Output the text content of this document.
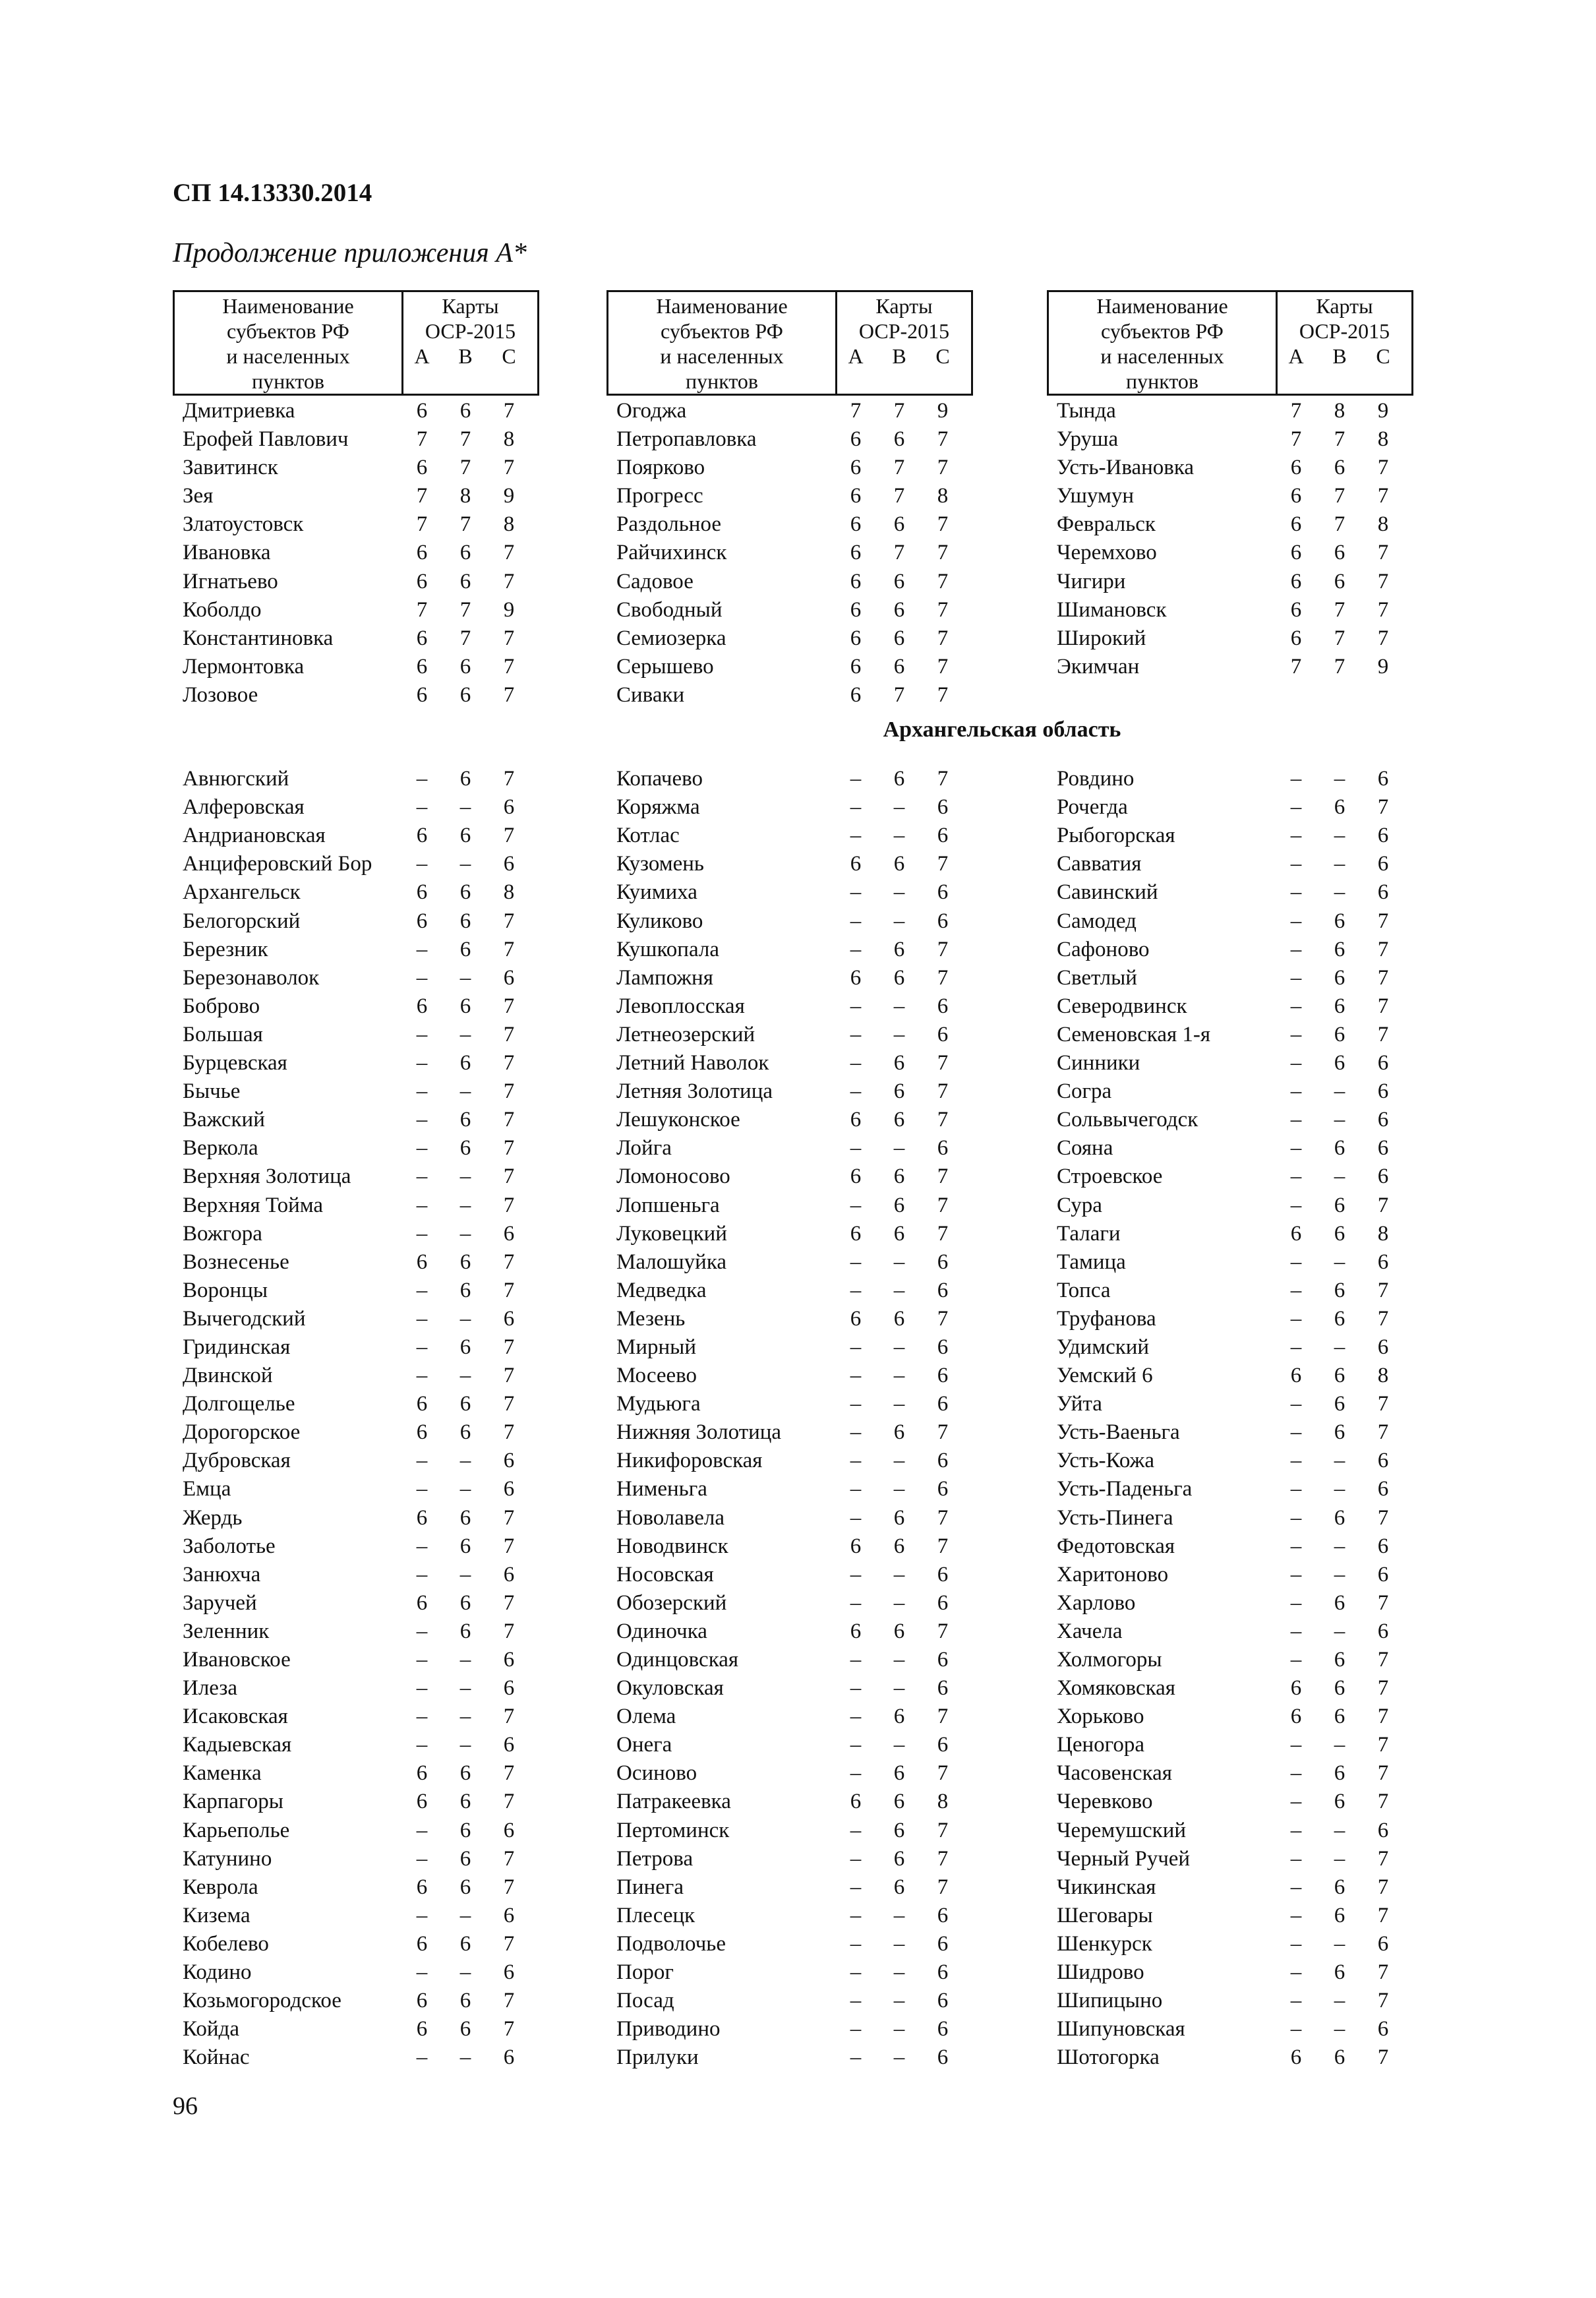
СП 14.13330.2014
Продолжение приложения А*
Наименование
субъектов РФ
и населенных
пунктов
Карты
ОСР-2015
A B C
Дмитриевка	6	6	7
Ерофей Павлович	7	7	8
Завитинск	6	7	7
Зея	7	8	9
Златоустовск	7	7	8
Ивановка	6	6	7
Игнатьево	6	6	7
Коболдо	7	7	9
Константиновка	6	7	7
Лермонтовка	6	6	7
Лозовое	6	6	7
Авнюгский	–	6	7
Алферовская	–	–	6
Андриановская	6	6	7
Анциферовский Бор	–	–	6
Архангельск	6	6	8
Белогорский	6	6	7
Березник	–	6	7
Березонаволок	–	–	6
Боброво	6	6	7
Большая	–	–	7
Бурцевская	–	6	7
Бычье	–	–	7
Важский	–	6	7
Веркола	–	6	7
Верхняя Золотица	–	–	7
Верхняя Тойма	–	–	7
Вожгора	–	–	6
Вознесенье	6	6	7
Воронцы	–	6	7
Вычегодский	–	–	6
Гридинская	–	6	7
Двинской	–	–	7
Долгощелье	6	6	7
Дорогорское	6	6	7
Дубровская	–	–	6
Емца	–	–	6
Жердь	6	6	7
Заболотье	–	6	7
Занюхча	–	–	6
Заручей	6	6	7
Зеленник	–	6	7
Ивановское	–	–	6
Илеза	–	–	6
Исаковская	–	–	7
Кадыевская	–	–	6
Каменка	6	6	7
Карпагоры	6	6	7
Карьеполье	–	6	6
Катунино	–	6	7
Кеврола	6	6	7
Кизема	–	–	6
Кобелево	6	6	7
Кодино	–	–	6
Козьмогородское	6	6	7
Койда	6	6	7
Койнас	–	–	6
Наименование
субъектов РФ
и населенных
пунктов
Карты
ОСР-2015
A B C
Огоджа	7	7	9
Петропавловка	6	6	7
Поярково	6	7	7
Прогресс	6	7	8
Раздольное	6	6	7
Райчихинск	6	7	7
Садовое	6	6	7
Свободный	6	6	7
Семиозерка	6	6	7
Серышево	6	6	7
Сиваки	6	7	7
Копачево	–	6	7
Коряжма	–	–	6
Котлас	–	–	6
Кузомень	6	6	7
Куимиха	–	–	6
Куликово	–	–	6
Кушкопала	–	6	7
Лампожня	6	6	7
Левоплосская	–	–	6
Летнеозерский	–	–	6
Летний Наволок	–	6	7
Летняя Золотица	–	6	7
Лешуконское	6	6	7
Лойга	–	–	6
Ломоносово	6	6	7
Лопшеньга	–	6	7
Луковецкий	6	6	7
Малошуйка	–	–	6
Медведка	–	–	6
Мезень	6	6	7
Мирный	–	–	6
Мосеево	–	–	6
Мудьюга	–	–	6
Нижняя Золотица	–	6	7
Никифоровская	–	–	6
Нименьга	–	–	6
Новолавела	–	6	7
Новодвинск	6	6	7
Носовская	–	–	6
Обозерский	–	–	6
Одиночка	6	6	7
Одинцовская	–	–	6
Окуловская	–	–	6
Олема	–	6	7
Онега	–	–	6
Осиново	–	6	7
Патракеевка	6	6	8
Пертоминск	–	6	7
Петрова	–	6	7
Пинега	–	6	7
Плесецк	–	–	6
Подволочье	–	–	6
Порог	–	–	6
Посад	–	–	6
Приводино	–	–	6
Прилуки	–	–	6
Наименование
субъектов РФ
и населенных
пунктов
Карты
ОСР-2015
A B C
Тында	7	8	9
Уруша	7	7	8
Усть-Ивановка	6	6	7
Ушумун	6	7	7
Февральск	6	7	8
Черемхово	6	6	7
Чигири	6	6	7
Шимановск	6	7	7
Широкий	6	7	7
Экимчан	7	7	9
Ровдино	–	–	6
Рочегда	–	6	7
Рыбогорская	–	–	6
Савватия	–	–	6
Савинский	–	–	6
Самодед	–	6	7
Сафоново	–	6	7
Светлый	–	6	7
Северодвинск	–	6	7
Семеновская 1-я	–	6	7
Синники	–	6	6
Согра	–	–	6
Сольвычегодск	–	–	6
Сояна	–	6	6
Строевское	–	–	6
Сура	–	6	7
Талаги	6	6	8
Тамица	–	–	6
Топса	–	6	7
Труфанова	–	6	7
Удимский	–	–	6
Уемский 6	6	6	8
Уйта	–	6	7
Усть-Ваеньга	–	6	7
Усть-Кожа	–	–	6
Усть-Паденьга	–	–	6
Усть-Пинега	–	6	7
Федотовская	–	–	6
Харитоново	–	–	6
Харлово	–	6	7
Хачела	–	–	6
Холмогоры	–	6	7
Хомяковская	6	6	7
Хорьково	6	6	7
Ценогора	–	–	7
Часовенская	–	6	7
Черевково	–	6	7
Черемушский	–	–	6
Черный Ручей	–	–	7
Чикинская	–	6	7
Шеговары	–	6	7
Шенкурск	–	–	6
Шидрово	–	6	7
Шипицыно	–	–	7
Шипуновская	–	–	6
Шотогорка	6	6	7
Архангельская область
96
